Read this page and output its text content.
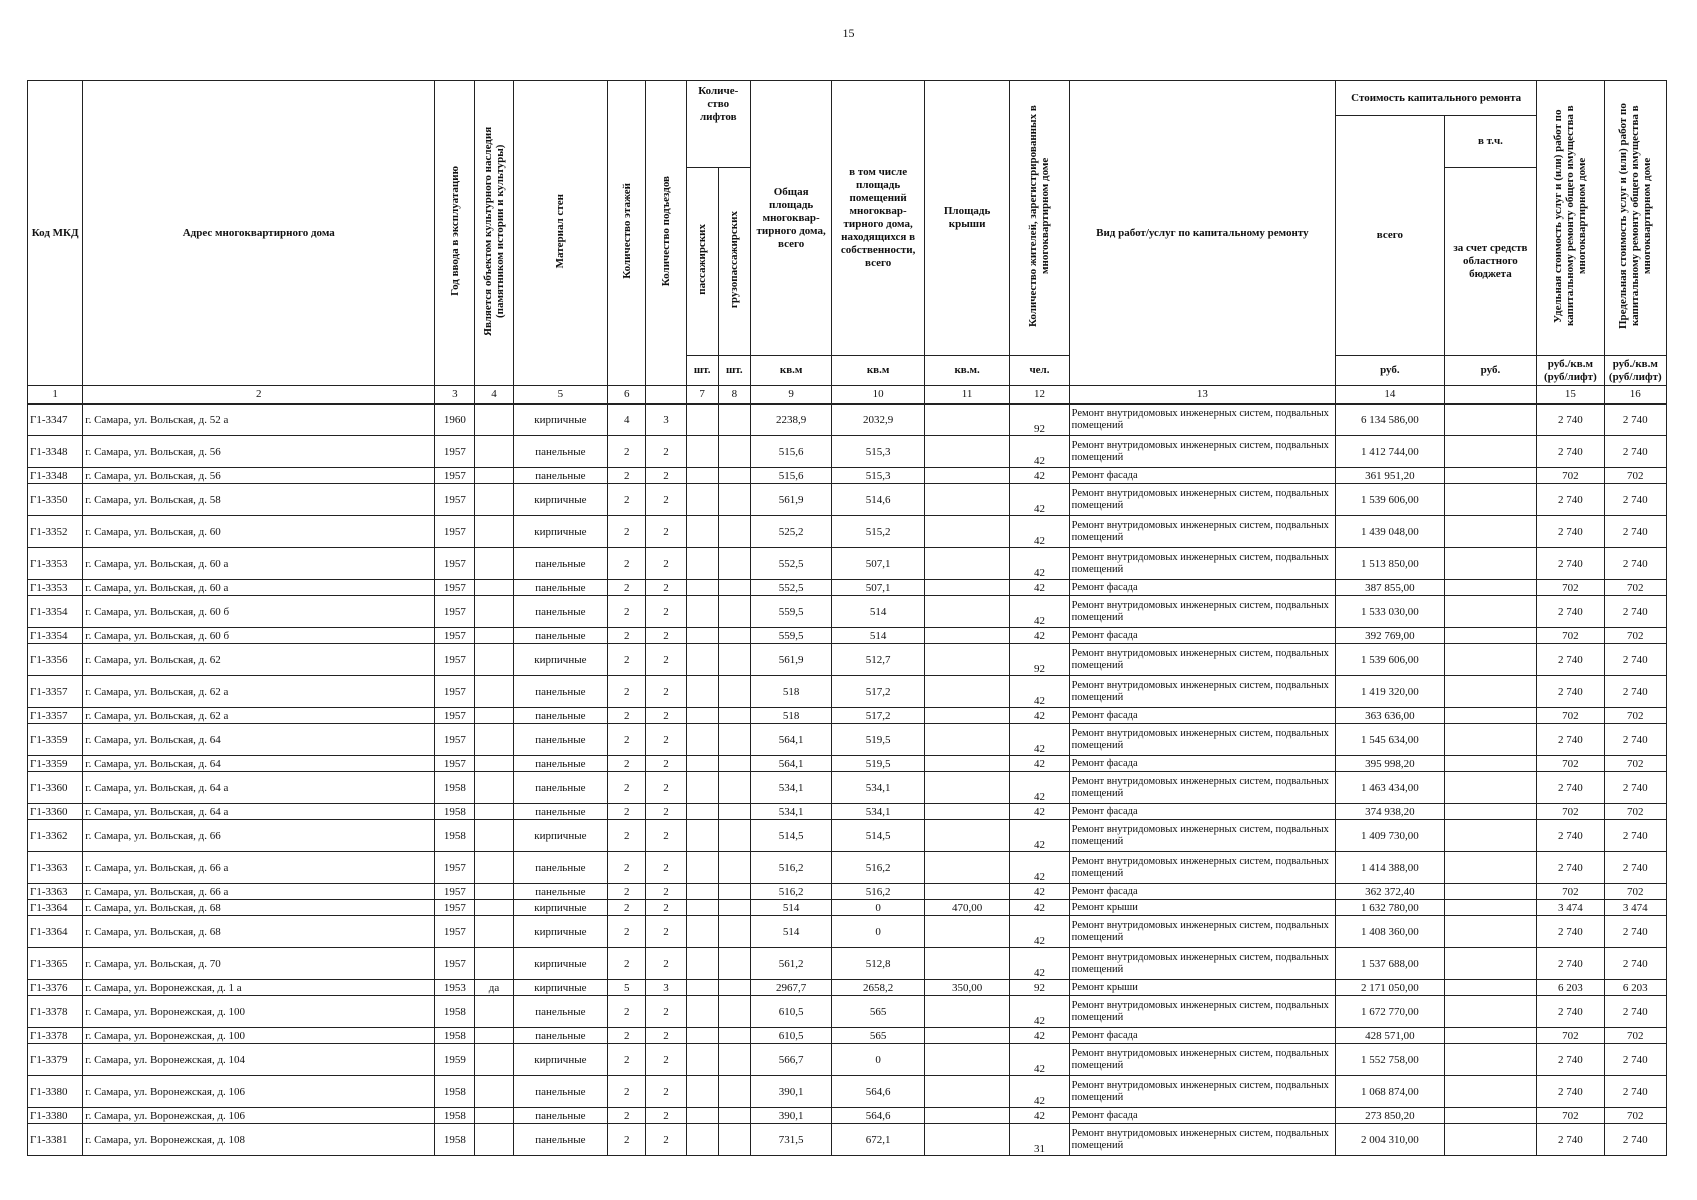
15
Код МКД	Адрес многоквартирного дома	Год ввода в эксплуатацию	Является объектом культурного наследия (памятником истории и культуры)	Материал стен	Количество этажей	Количество подъездов	Количе-ство лифтов		Общая площадь многоквар-тирного дома, всего	в том числе площадь помещений многоквар-тирного дома, находящихся в собственности, всего	Площадь крыши	Количество жителей, зарегистрированных в многоквартирном доме	Вид работ/услуг по капитальному ремонту	Стоимость капитального ремонта		Удельная стоимость услуг и (или) работ по капитальному ремонту общего имущества в многоквартирном доме	Предельная стоимость услуг и (или) работ по капитальному ремонту общего имущества в многоквартирном доме
														всего	в т.ч.		
							пассажирских	грузопассажирских							за счет средств областного бюджета		
							шт.	шт.	кв.м	кв.м	кв.м.	чел.		руб.	руб.	руб./кв.м (руб/лифт)	руб./кв.м (руб/лифт)
1	2	3	4	5	6		7	8	9	10	11	12	13	14		15	16
Г1-3347	г. Самара, ул. Вольская, д. 52 а	1960		кирпичные	4	3			2238,9	2032,9		92	Ремонт внутридомовых инженерных систем, подвальных помещений	6 134 586,00		2 740	2 740
Г1-3348	г. Самара, ул. Вольская, д. 56	1957		панельные	2	2			515,6	515,3		42	Ремонт внутридомовых инженерных систем, подвальных помещений	1 412 744,00		2 740	2 740
Г1-3348	г. Самара, ул. Вольская, д. 56	1957		панельные	2	2			515,6	515,3		42	Ремонт фасада	361 951,20		702	702
Г1-3350	г. Самара, ул. Вольская, д. 58	1957		кирпичные	2	2			561,9	514,6		42	Ремонт внутридомовых инженерных систем, подвальных помещений	1 539 606,00		2 740	2 740
Г1-3352	г. Самара, ул. Вольская, д. 60	1957		кирпичные	2	2			525,2	515,2		42	Ремонт внутридомовых инженерных систем, подвальных помещений	1 439 048,00		2 740	2 740
Г1-3353	г. Самара, ул. Вольская, д. 60 а	1957		панельные	2	2			552,5	507,1		42	Ремонт внутридомовых инженерных систем, подвальных помещений	1 513 850,00		2 740	2 740
Г1-3353	г. Самара, ул. Вольская, д. 60 а	1957		панельные	2	2			552,5	507,1		42	Ремонт фасада	387 855,00		702	702
Г1-3354	г. Самара, ул. Вольская, д. 60 б	1957		панельные	2	2			559,5	514		42	Ремонт внутридомовых инженерных систем, подвальных помещений	1 533 030,00		2 740	2 740
Г1-3354	г. Самара, ул. Вольская, д. 60 б	1957		панельные	2	2			559,5	514		42	Ремонт фасада	392 769,00		702	702
Г1-3356	г. Самара, ул. Вольская, д. 62	1957		кирпичные	2	2			561,9	512,7		92	Ремонт внутридомовых инженерных систем, подвальных помещений	1 539 606,00		2 740	2 740
Г1-3357	г. Самара, ул. Вольская, д. 62 а	1957		панельные	2	2			518	517,2		42	Ремонт внутридомовых инженерных систем, подвальных помещений	1 419 320,00		2 740	2 740
Г1-3357	г. Самара, ул. Вольская, д. 62 а	1957		панельные	2	2			518	517,2		42	Ремонт фасада	363 636,00		702	702
Г1-3359	г. Самара, ул. Вольская, д. 64	1957		панельные	2	2			564,1	519,5		42	Ремонт внутридомовых инженерных систем, подвальных помещений	1 545 634,00		2 740	2 740
Г1-3359	г. Самара, ул. Вольская, д. 64	1957		панельные	2	2			564,1	519,5		42	Ремонт фасада	395 998,20		702	702
Г1-3360	г. Самара, ул. Вольская, д. 64 а	1958		панельные	2	2			534,1	534,1		42	Ремонт внутридомовых инженерных систем, подвальных помещений	1 463 434,00		2 740	2 740
Г1-3360	г. Самара, ул. Вольская, д. 64 а	1958		панельные	2	2			534,1	534,1		42	Ремонт фасада	374 938,20		702	702
Г1-3362	г. Самара, ул. Вольская, д. 66	1958		кирпичные	2	2			514,5	514,5		42	Ремонт внутридомовых инженерных систем, подвальных помещений	1 409 730,00		2 740	2 740
Г1-3363	г. Самара, ул. Вольская, д. 66 а	1957		панельные	2	2			516,2	516,2		42	Ремонт внутридомовых инженерных систем, подвальных помещений	1 414 388,00		2 740	2 740
Г1-3363	г. Самара, ул. Вольская, д. 66 а	1957		панельные	2	2			516,2	516,2		42	Ремонт фасада	362 372,40		702	702
Г1-3364	г. Самара, ул. Вольская, д. 68	1957		кирпичные	2	2			514	0	470,00	42	Ремонт крыши	1 632 780,00		3 474	3 474
Г1-3364	г. Самара, ул. Вольская, д. 68	1957		кирпичные	2	2			514	0		42	Ремонт внутридомовых инженерных систем, подвальных помещений	1 408 360,00		2 740	2 740
Г1-3365	г. Самара, ул. Вольская, д. 70	1957		кирпичные	2	2			561,2	512,8		42	Ремонт внутридомовых инженерных систем, подвальных помещений	1 537 688,00		2 740	2 740
Г1-3376	г. Самара, ул. Воронежская, д. 1 а	1953	да	кирпичные	5	3			2967,7	2658,2	350,00	92	Ремонт крыши	2 171 050,00		6 203	6 203
Г1-3378	г. Самара, ул. Воронежская, д. 100	1958		панельные	2	2			610,5	565		42	Ремонт внутридомовых инженерных систем, подвальных помещений	1 672 770,00		2 740	2 740
Г1-3378	г. Самара, ул. Воронежская, д. 100	1958		панельные	2	2			610,5	565		42	Ремонт фасада	428 571,00		702	702
Г1-3379	г. Самара, ул. Воронежская, д. 104	1959		кирпичные	2	2			566,7	0		42	Ремонт внутридомовых инженерных систем, подвальных помещений	1 552 758,00		2 740	2 740
Г1-3380	г. Самара, ул. Воронежская, д. 106	1958		панельные	2	2			390,1	564,6		42	Ремонт внутридомовых инженерных систем, подвальных помещений	1 068 874,00		2 740	2 740
Г1-3380	г. Самара, ул. Воронежская, д. 106	1958		панельные	2	2			390,1	564,6		42	Ремонт фасада	273 850,20		702	702
Г1-3381	г. Самара, ул. Воронежская, д. 108	1958		панельные	2	2			731,5	672,1		31	Ремонт внутридомовых инженерных систем, подвальных помещений	2 004 310,00		2 740	2 740
